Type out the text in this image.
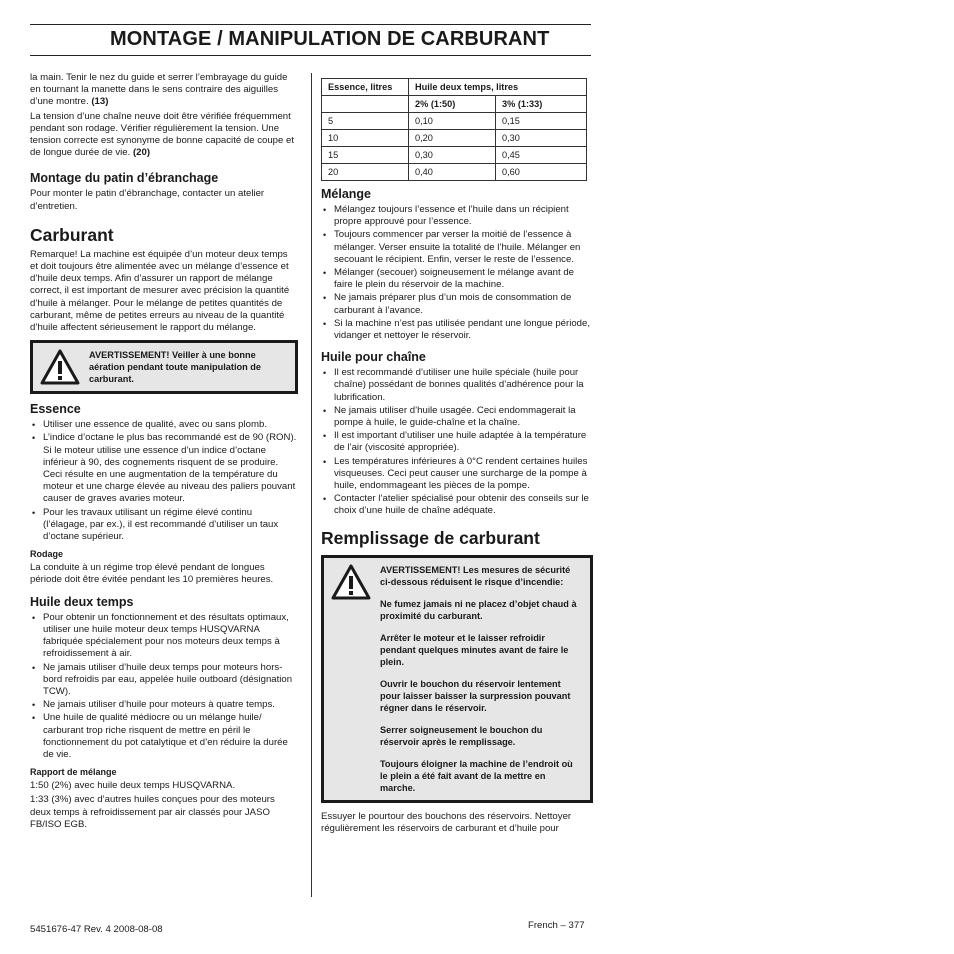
MONTAGE / MANIPULATION DE CARBURANT

la main. Tenir le nez du guide et serrer l’embrayage du guide en tournant la manette dans le sens contraire des aiguilles d’une montre. (13)

La tension d’une chaîne neuve doit être vérifiée fréquemment pendant son rodage. Vérifier régulièrement la tension. Une tension correcte est synonyme de bonne capacité de coupe et de longue durée de vie. (20)

Montage du patin d’ébranchage

Pour monter le patin d’ébranchage, contacter un atelier d’entretien.

Carburant

Remarque! La machine est équipée d’un moteur deux temps et doit toujours être alimentée avec un mélange d’essence et d’huile deux temps. Afin d’assurer un rapport de mélange correct, il est important de mesurer avec précision la quantité d’huile à mélanger. Pour le mélange de petites quantités de carburant, même de petites erreurs au niveau de la quantité d’huile affectent sérieusement le rapport du mélange.

AVERTISSEMENT! Veiller à une bonne aération pendant toute manipulation de carburant.

Essence
• Utiliser une essence de qualité, avec ou sans plomb.
• L’indice d’octane le plus bas recommandé est de 90 (RON). Si le moteur utilise une essence d’un indice d’octane inférieur à 90, des cognements risquent de se produire. Ceci résulte en une augmentation de la température du moteur et une charge élevée au niveau des paliers pouvant causer de graves avaries moteur.
• Pour les travaux utilisant un régime élevé continu (l’élagage, par ex.), il est recommandé d’utiliser un taux d’octane supérieur.
Rodage

La conduite à un régime trop élevé pendant de longues période doit être évitée pendant les 10 premières heures.

Huile deux temps
• Pour obtenir un fonctionnement et des résultats optimaux, utiliser une huile moteur deux temps HUSQVARNA fabriquée spécialement pour nos moteurs deux temps à refroidissement à air.
• Ne jamais utiliser d’huile deux temps pour moteurs hors-bord refroidis par eau, appelée huile outboard (désignation TCW).
• Ne jamais utiliser d’huile pour moteurs à quatre temps.
• Une huile de qualité médiocre ou un mélange huile/ carburant trop riche risquent de mettre en péril le fonctionnement du pot catalytique et d’en réduire la durée de vie.
Rapport de mélange

1:50 (2%) avec huile deux temps HUSQVARNA.

1:33 (3%) avec d’autres huiles conçues pour des moteurs deux temps à refroidissement par air classés pour JASO FB/ISO EGB.

Essence, litres	Huile deux temps, litres	
	2% (1:50)	3% (1:33)
5	0,10	0,15
10	0,20	0,30
15	0,30	0,45
20	0,40	0,60
Mélange
• Mélangez toujours l’essence et l’huile dans un récipient propre approuvé pour l’essence.
• Toujours commencer par verser la moitié de l’essence à mélanger. Verser ensuite la totalité de l’huile. Mélanger en secouant le récipient. Enfin, verser le reste de l’essence.
• Mélanger (secouer) soigneusement le mélange avant de faire le plein du réservoir de la machine.
• Ne jamais préparer plus d’un mois de consommation de carburant à l’avance.
• Si la machine n’est pas utilisée pendant une longue période, vidanger et nettoyer le réservoir.
Huile pour chaîne
• Il est recommandé d’utiliser une huile spéciale (huile pour chaîne) possédant de bonnes qualités d’adhérence pour la lubrification.
• Ne jamais utiliser d’huile usagée. Ceci endommagerait la pompe à huile, le guide-chaîne et la chaîne.
• Il est important d’utiliser une huile adaptée à la température de l’air (viscosité appropriée).
• Les températures inférieures à 0°C rendent certaines huiles visqueuses. Ceci peut causer une surcharge de la pompe à huile, endommageant les pièces de la pompe.
• Contacter l’atelier spécialisé pour obtenir des conseils sur le choix d’une huile de chaîne adéquate.
Remplissage de carburant

AVERTISSEMENT! Les mesures de sécurité ci-dessous réduisent le risque d’incendie:

Ne fumez jamais ni ne placez d’objet chaud à proximité du carburant.

Arrêter le moteur et le laisser refroidir pendant quelques minutes avant de faire le plein.

Ouvrir le bouchon du réservoir lentement pour laisser baisser la surpression pouvant régner dans le réservoir.

Serrer soigneusement le bouchon du réservoir après le remplissage.

Toujours éloigner la machine de l’endroit où le plein a été fait avant de la mettre en marche.

Essuyer le pourtour des bouchons des réservoirs. Nettoyer régulièrement les réservoirs de carburant et d’huile pour

5451676-47 Rev. 4 2008-08-08	French – 377
